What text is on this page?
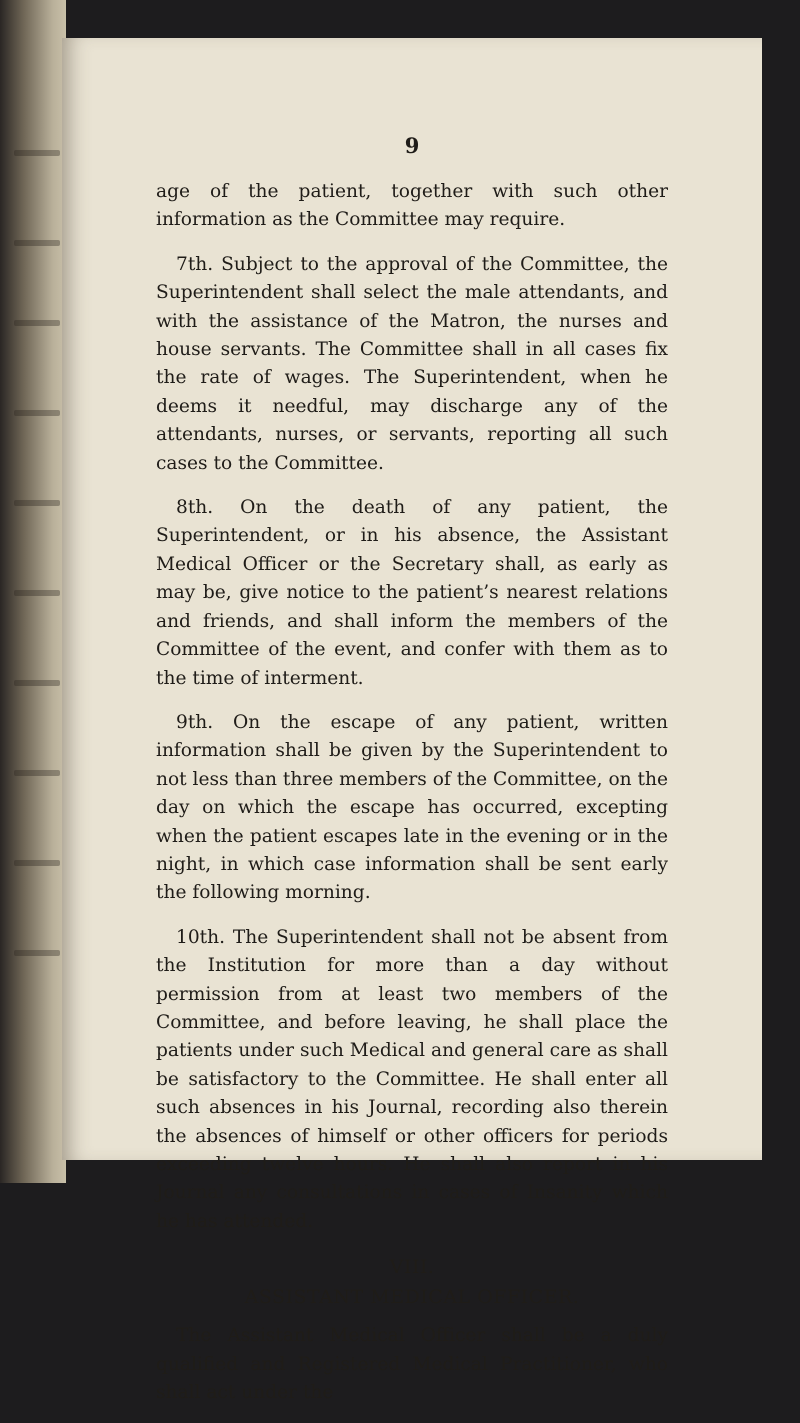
9

age of the patient, together with such other information as the Committee may require.

7th. Subject to the approval of the Committee, the Superintendent shall select the male attendants, and with the assistance of the Matron, the nurses and house servants. The Committee shall in all cases fix the rate of wages. The Superintendent, when he deems it needful, may discharge any of the attendants, nurses, or servants, reporting all such cases to the Committee.

8th. On the death of any patient, the Superintendent, or in his absence, the Assistant Medical Officer or the Secretary shall, as early as may be, give notice to the patient’s nearest relations and friends, and shall inform the members of the Committee of the event, and confer with them as to the time of interment.

9th. On the escape of any patient, written information shall be given by the Superintendent to not less than three members of the Committee, on the day on which the escape has occurred, excepting when the patient escapes late in the evening or in the night, in which case information shall be sent early the following morning.

10th. The Superintendent shall not be absent from the Institution for more than a day without permission from at least two members of the Committee, and before leaving, he shall place the patients under such Medical and general care as shall be satisfactory to the Committee. He shall enter all such absences in his Journal, recording also therein the absences of himself or other officers for periods exceeding twelve hours. He shall also report in his Journal any consultations in cases of Insanity which he has attended.

VIII.

ASSISTANT MEDICAL OFFICER.

The Assistant Medical Officer shall be a duly qualified and Registered Medical Practitioner, who shall act under the
